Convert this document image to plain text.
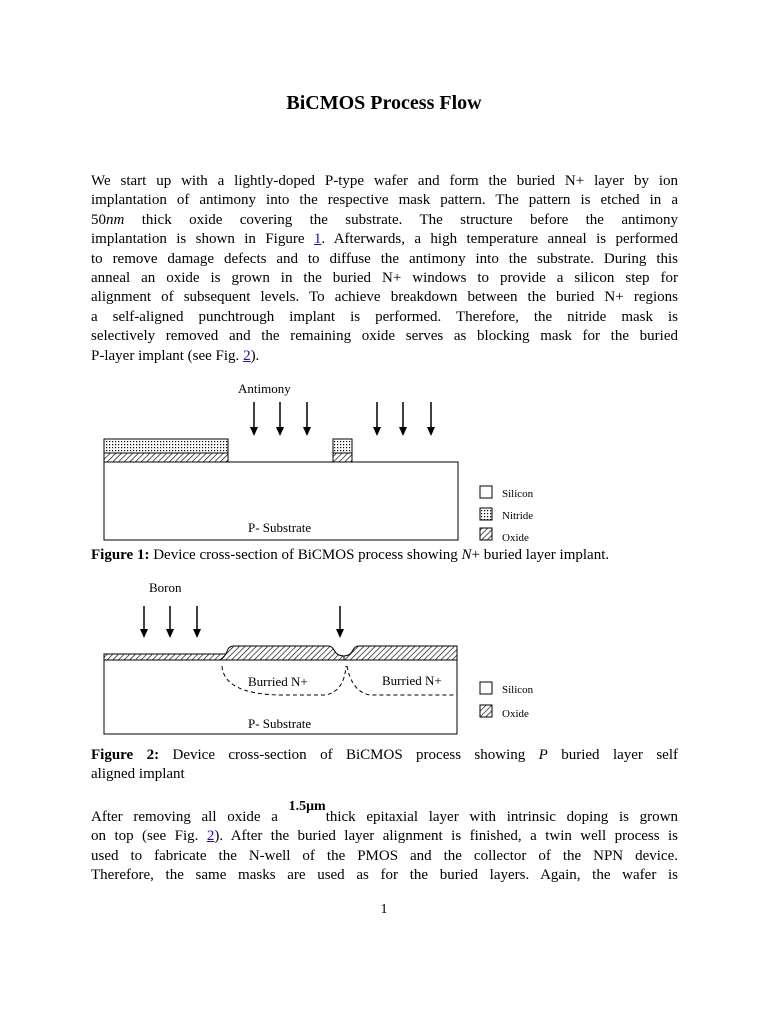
BiCMOS Process Flow
We start up with a lightly-doped P-type wafer and form the buried N+ layer by ion
implantation of antimony into the respective mask pattern. The pattern is etched in a
50nm thick oxide covering the substrate. The structure before the antimony
implantation is shown in Figure 1. Afterwards, a high temperature anneal is performed
to remove damage defects and to diffuse the antimony into the substrate. During this
anneal an oxide is grown in the buried N+ windows to provide a silicon step for
alignment of subsequent levels. To achieve breakdown between the buried N+ regions
a self-aligned punchtrough implant is performed. Therefore, the nitride mask is
selectively removed and the remaining oxide serves as blocking mask for the buried
P-layer implant (see Fig. 2).
Antimony
P- Substrate
Silicon
Nitride
Oxide
Figure 1: Device cross-section of BiCMOS process showing N+ buried layer implant.
Boron
Burried N+	Burried N+
P- Substrate
Silicon
Oxide
Figure 2: Device cross-section of BiCMOS process showing P buried layer self
aligned implant
After removing all oxide a 1.5μmthick epitaxial layer with intrinsic doping is grown
on top (see Fig. 2). After the buried layer alignment is finished, a twin well process is
used to fabricate the N-well of the PMOS and the collector of the NPN device.
Therefore, the same masks are used as for the buried layers. Again, the wafer is
1
